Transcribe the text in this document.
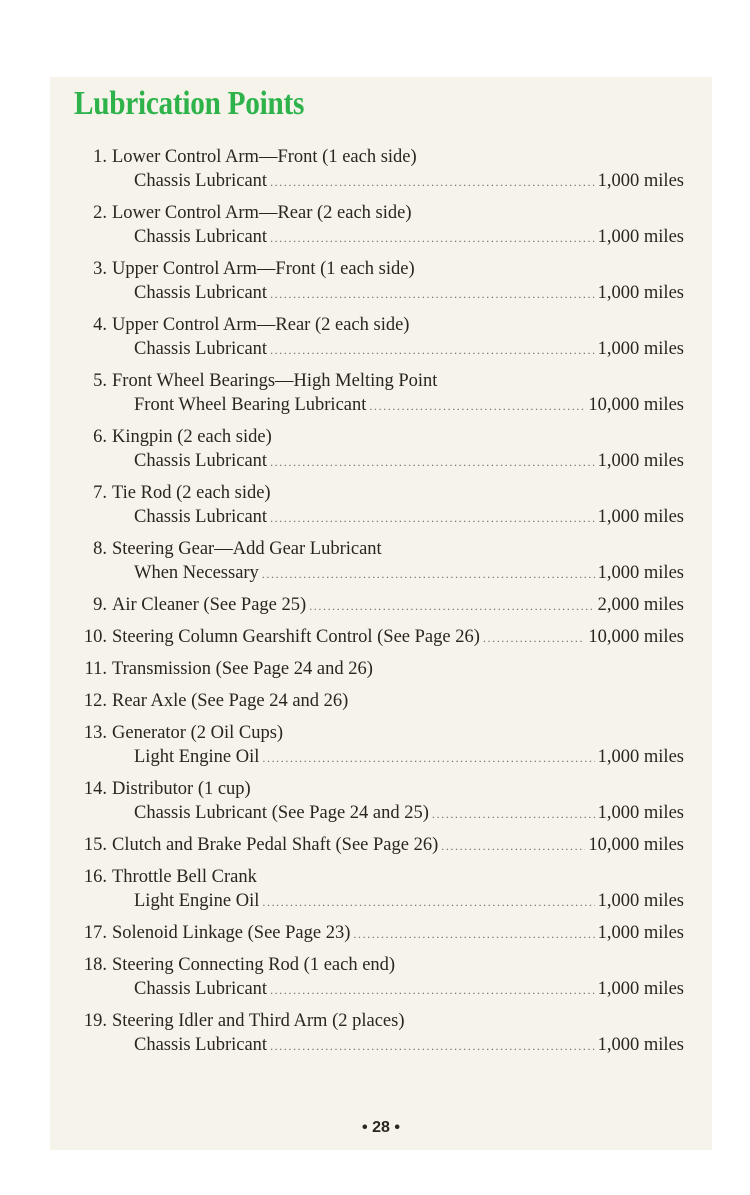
Lubrication Points
1. Lower Control Arm—Front (1 each side)
Chassis Lubricant .....	1,000 miles
2. Lower Control Arm—Rear (2 each side)
Chassis Lubricant .....	1,000 miles
3. Upper Control Arm—Front (1 each side)
Chassis Lubricant .....	1,000 miles
4. Upper Control Arm—Rear (2 each side)
Chassis Lubricant .....	1,000 miles
5. Front Wheel Bearings—High Melting Point
Front Wheel Bearing Lubricant .....	10,000 miles
6. Kingpin (2 each side)
Chassis Lubricant .....	1,000 miles
7. Tie Rod (2 each side)
Chassis Lubricant .....	1,000 miles
8. Steering Gear—Add Gear Lubricant
When Necessary .....	1,000 miles
9. Air Cleaner (See Page 25) .....	2,000 miles
10. Steering Column Gearshift Control (See Page 26) .....	10,000 miles
11. Transmission (See Page 24 and 26)
12. Rear Axle (See Page 24 and 26)
13. Generator (2 Oil Cups)
Light Engine Oil .....	1,000 miles
14. Distributor (1 cup)
Chassis Lubricant (See Page 24 and 25) .....	1,000 miles
15. Clutch and Brake Pedal Shaft (See Page 26) .....	10,000 miles
16. Throttle Bell Crank
Light Engine Oil .....	1,000 miles
17. Solenoid Linkage (See Page 23) .....	1,000 miles
18. Steering Connecting Rod (1 each end)
Chassis Lubricant .....	1,000 miles
19. Steering Idler and Third Arm (2 places)
Chassis Lubricant .....	1,000 miles
• 28 •
